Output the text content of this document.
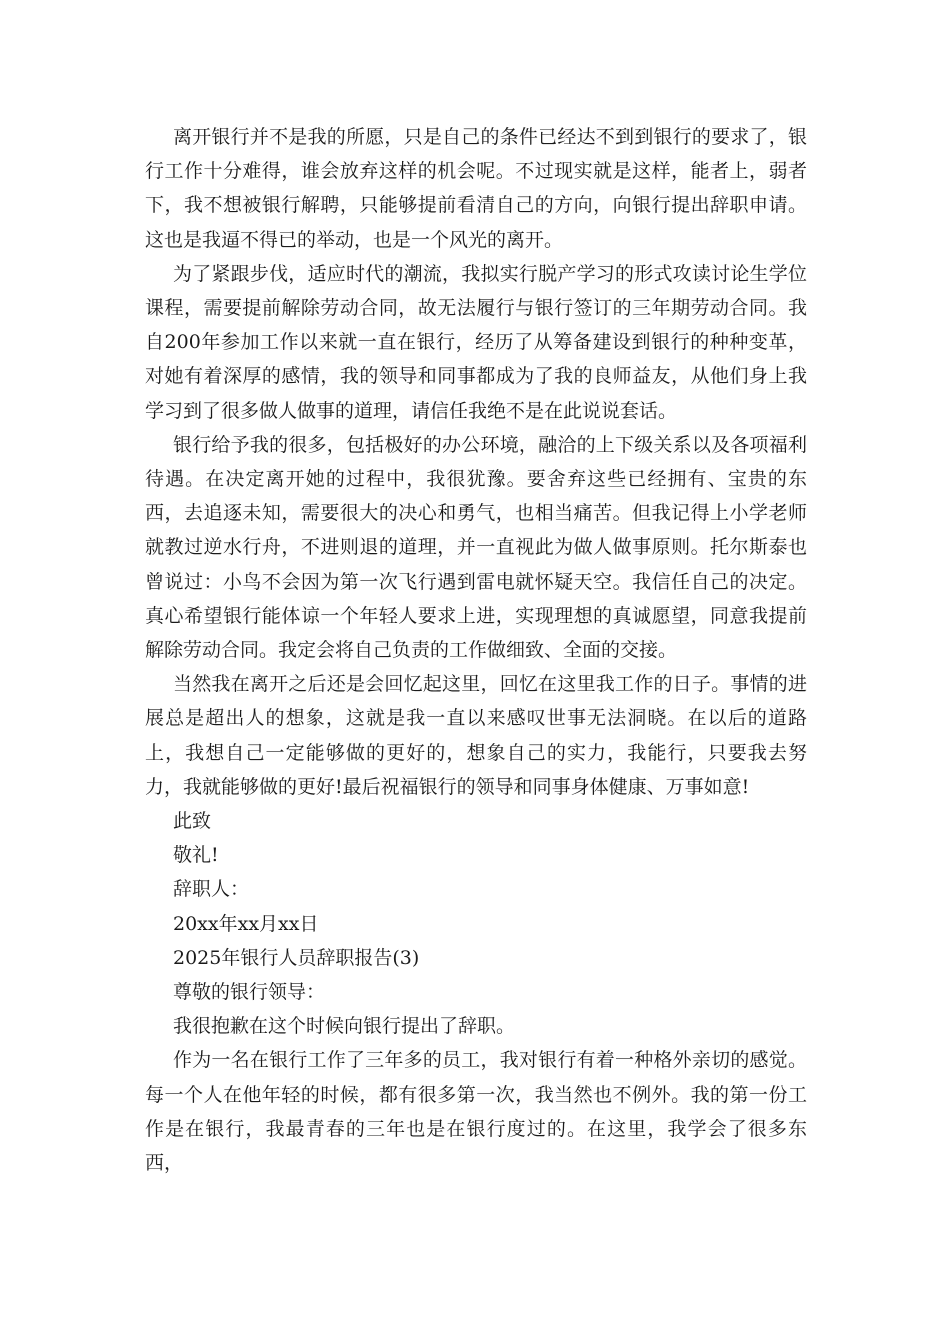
离开银行并不是我的所愿，只是自己的条件已经达不到到银行的要求了，银行工作十分难得，谁会放弃这样的机会呢。不过现实就是这样，能者上，弱者下，我不想被银行解聘，只能够提前看清自己的方向，向银行提出辞职申请。这也是我逼不得已的举动，也是一个风光的离开。

为了紧跟步伐，适应时代的潮流，我拟实行脱产学习的形式攻读讨论生学位课程，需要提前解除劳动合同，故无法履行与银行签订的三年期劳动合同。我自200年参加工作以来就一直在银行，经历了从筹备建设到银行的种种变革，对她有着深厚的感情，我的领导和同事都成为了我的良师益友，从他们身上我学习到了很多做人做事的道理，请信任我绝不是在此说说套话。

银行给予我的很多，包括极好的办公环境，融洽的上下级关系以及各项福利待遇。在决定离开她的过程中，我很犹豫。要舍弃这些已经拥有、宝贵的东西，去追逐未知，需要很大的决心和勇气，也相当痛苦。但我记得上小学老师就教过逆水行舟，不进则退的道理，并一直视此为做人做事原则。托尔斯泰也曾说过：小鸟不会因为第一次飞行遇到雷电就怀疑天空。我信任自己的决定。真心希望银行能体谅一个年轻人要求上进，实现理想的真诚愿望，同意我提前解除劳动合同。我定会将自己负责的工作做细致、全面的交接。

当然我在离开之后还是会回忆起这里，回忆在这里我工作的日子。事情的进展总是超出人的想象，这就是我一直以来感叹世事无法洞晓。在以后的道路上，我想自己一定能够做的更好的，想象自己的实力，我能行，只要我去努力，我就能够做的更好!最后祝福银行的领导和同事身体健康、万事如意!

此致

敬礼!

辞职人：

20xx年xx月xx日

2025年银行人员辞职报告(3)

尊敬的银行领导：

我很抱歉在这个时候向银行提出了辞职。

作为一名在银行工作了三年多的员工，我对银行有着一种格外亲切的感觉。每一个人在他年轻的时候，都有很多第一次，我当然也不例外。我的第一份工作是在银行，我最青春的三年也是在银行度过的。在这里，我学会了很多东西，
